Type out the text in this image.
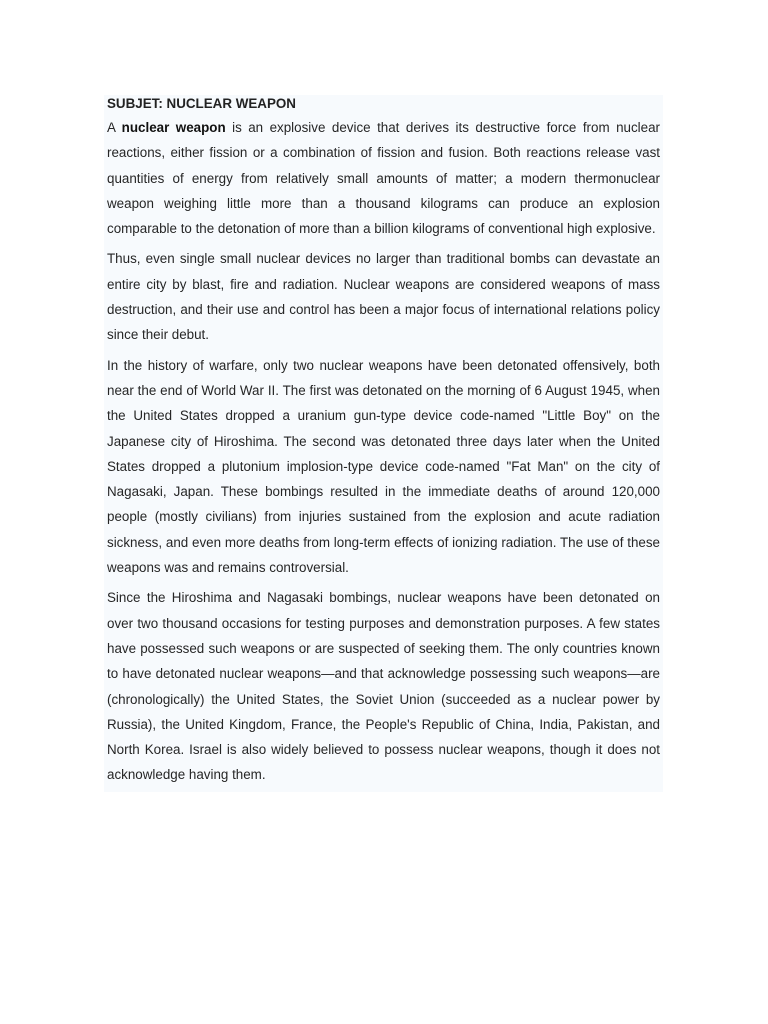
SUBJET: NUCLEAR WEAPON

A nuclear weapon is an explosive device that derives its destructive force from nuclear reactions, either fission or a combination of fission and fusion. Both reactions release vast quantities of energy from relatively small amounts of matter; a modern thermonuclear weapon weighing little more than a thousand kilograms can produce an explosion comparable to the detonation of more than a billion kilograms of conventional high explosive.

Thus, even single small nuclear devices no larger than traditional bombs can devastate an entire city by blast, fire and radiation. Nuclear weapons are considered weapons of mass destruction, and their use and control has been a major focus of international relations policy since their debut.

In the history of warfare, only two nuclear weapons have been detonated offensively, both near the end of World War II. The first was detonated on the morning of 6 August 1945, when the United States dropped a uranium gun-type device code-named "Little Boy" on the Japanese city of Hiroshima. The second was detonated three days later when the United States dropped a plutonium implosion-type device code-named "Fat Man" on the city of Nagasaki, Japan. These bombings resulted in the immediate deaths of around 120,000 people (mostly civilians) from injuries sustained from the explosion and acute radiation sickness, and even more deaths from long-term effects of ionizing radiation. The use of these weapons was and remains controversial.

Since the Hiroshima and Nagasaki bombings, nuclear weapons have been detonated on over two thousand occasions for testing purposes and demonstration purposes. A few states have possessed such weapons or are suspected of seeking them. The only countries known to have detonated nuclear weapons—and that acknowledge possessing such weapons—are (chronologically) the United States, the Soviet Union (succeeded as a nuclear power by Russia), the United Kingdom, France, the People's Republic of China, India, Pakistan, and North Korea. Israel is also widely believed to possess nuclear weapons, though it does not acknowledge having them.
